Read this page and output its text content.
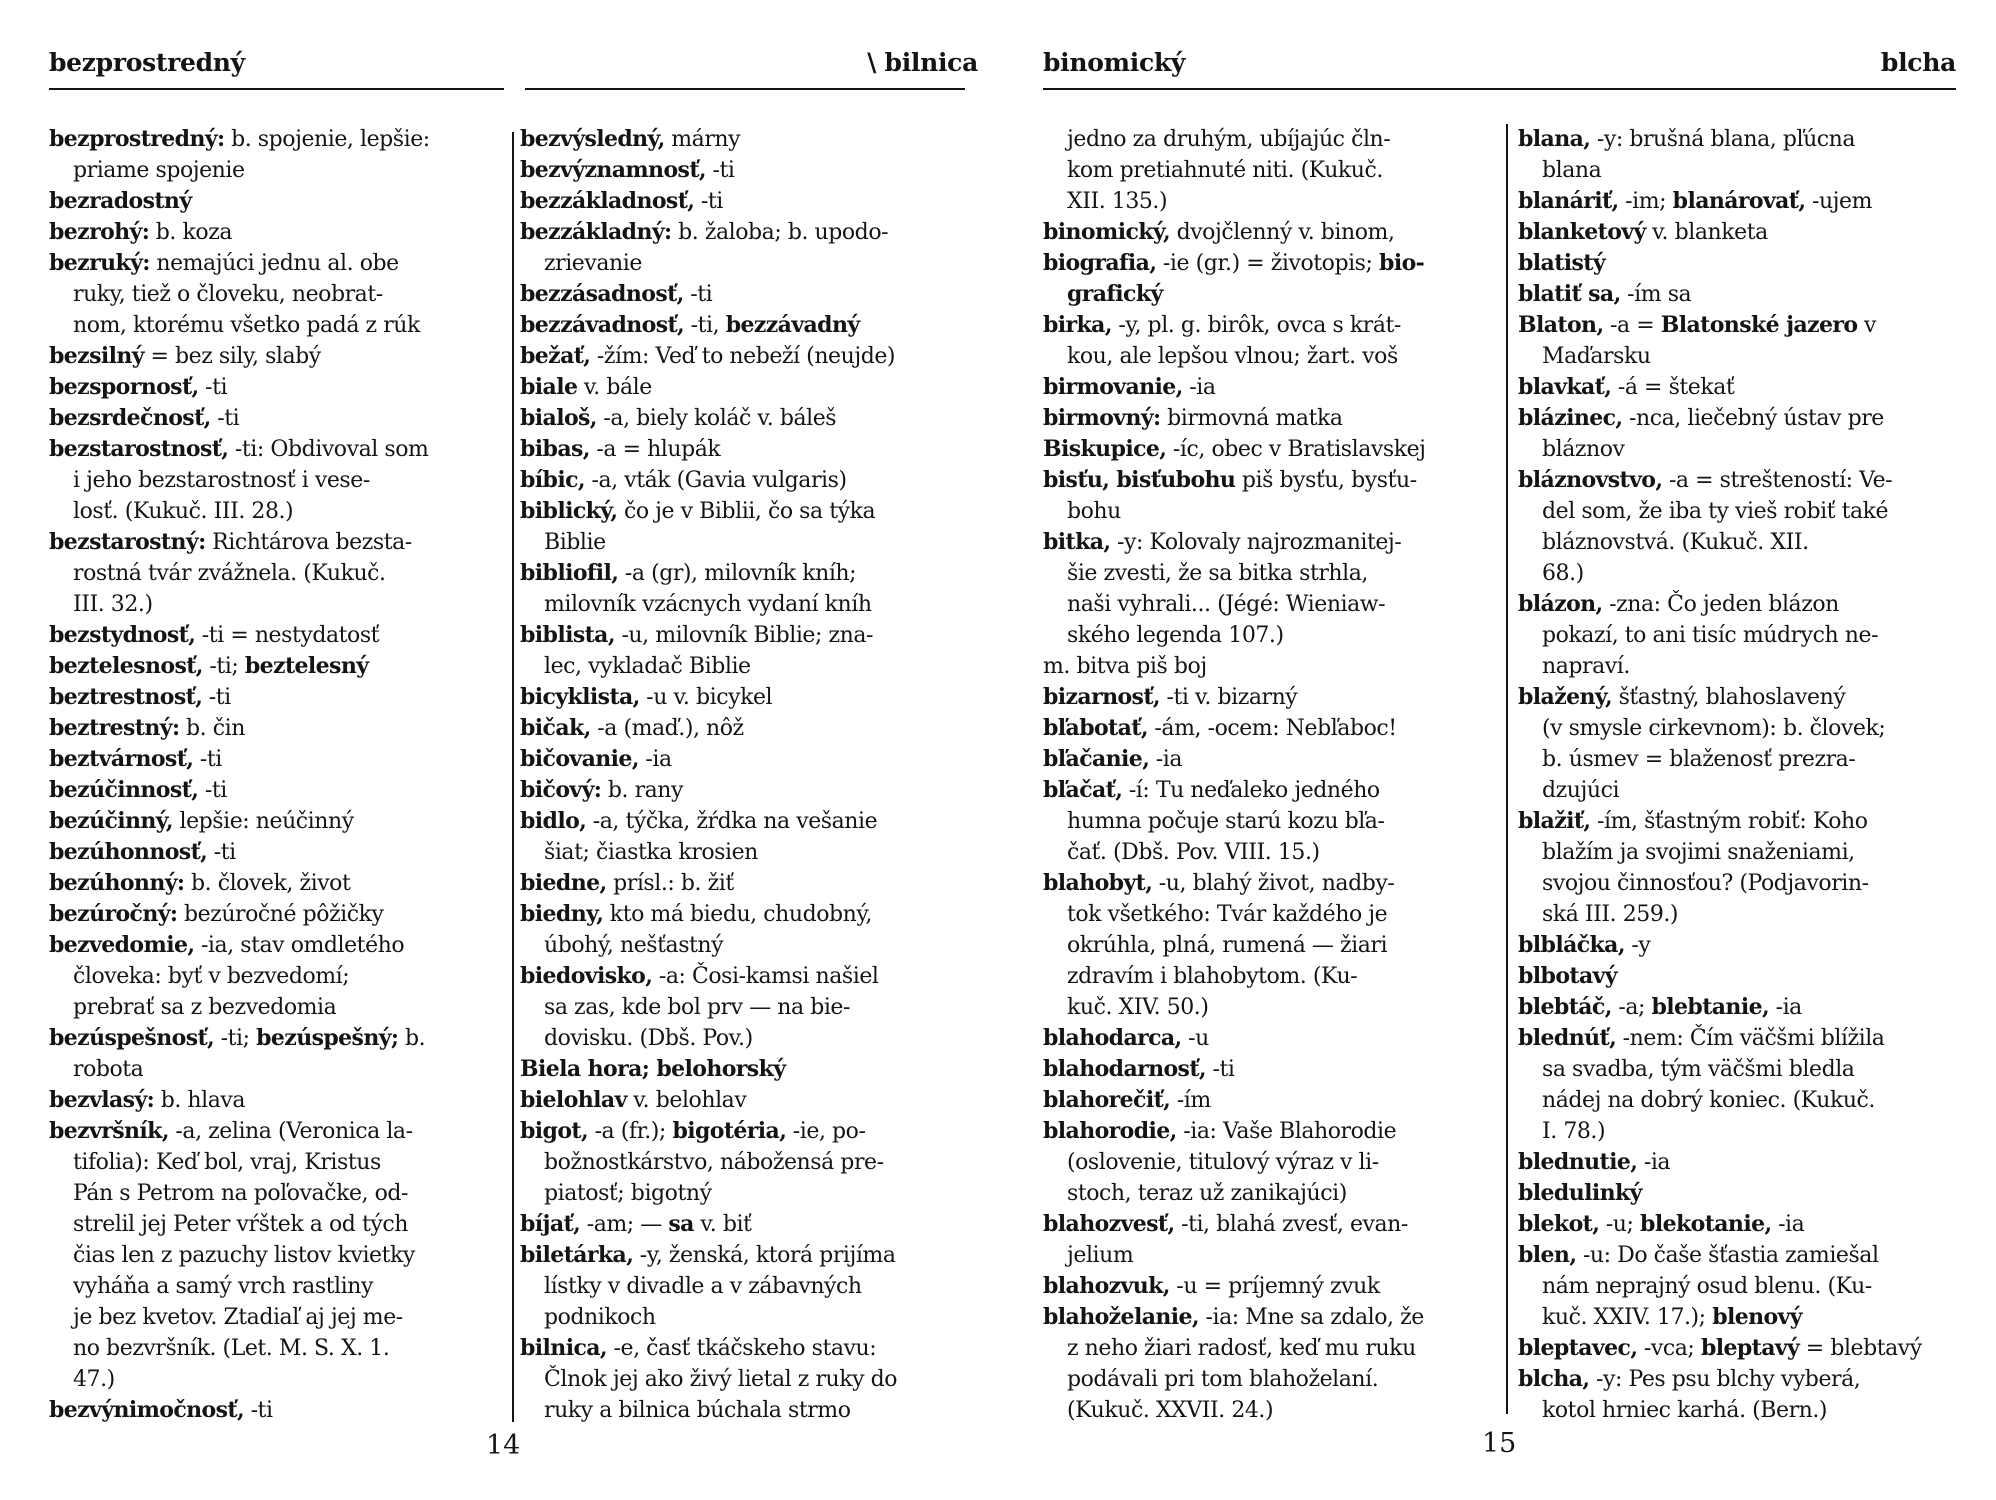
bezprostredný	\ bilnica
bezprostredný: b. spojenie, lepšie:
priame spojenie
bezradostný
bezrohý: b. koza
bezruký: nemajúci jednu al. obe
ruky, tiež o človeku, neobrat-
nom, ktorému všetko padá z rúk
bezsilný = bez sily, slabý
bezspornosť, -ti
bezsrdečnosť, -ti
bezstarostnosť, -ti: Obdivoval som
i jeho bezstarostnosť i vese-
losť. (Kukuč. III. 28.)
bezstarostný: Richtárova bezsta-
rostná tvár zvážnela. (Kukuč.
III. 32.)
bezstydnosť, -ti = nestydatosť
beztelesnosť, -ti; beztelesný
beztrestnosť, -ti
beztrestný: b. čin
beztvárnosť, -ti
bezúčinnosť, -ti
bezúčinný, lepšie: neúčinný
bezúhonnosť, -ti
bezúhonný: b. človek, život
bezúročný: bezúročné pôžičky
bezvedomie, -ia, stav omdletého
človeka: byť v bezvedomí;
prebrať sa z bezvedomia
bezúspešnosť, -ti; bezúspešný; b.
robota
bezvlasý: b. hlava
bezvršník, -a, zelina (Veronica la-
tifolia): Keď bol, vraj, Kristus
Pán s Petrom na poľovačke, od-
strelil jej Peter vŕštek a od tých
čias len z pazuchy listov kvietky
vyháňa a samý vrch rastliny
je bez kvetov. Ztadiaľ aj jej me-
no bezvršník. (Let. M. S. X. 1.
47.)
bezvýnimočnosť, -ti
bezvýsledný, márny
bezvýznamnosť, -ti
bezzákladnosť, -ti
bezzákladný: b. žaloba; b. upodo-
zrievanie
bezzásadnosť, -ti
bezzávadnosť, -ti, bezzávadný
bežať, -žím: Veď to nebeží (neujde)
biale v. bále
bialoš, -a, biely koláč v. báleš
bibas, -a = hlupák
bíbic, -a, vták (Gavia vulgaris)
biblický, čo je v Biblii, čo sa týka
Biblie
bibliofil, -a (gr), milovník kníh;
milovník vzácnych vydaní kníh
biblista, -u, milovník Biblie; zna-
lec, vykladač Biblie
bicyklista, -u v. bicykel
bičak, -a (maď.), nôž
bičovanie, -ia
bičový: b. rany
bidlo, -a, týčka, žŕdka na vešanie
šiat; čiastka krosien
biedne, prísl.: b. žiť
biedny, kto má biedu, chudobný,
úbohý, nešťastný
biedovisko, -a: Čosi-kamsi našiel
sa zas, kde bol prv — na bie-
dovisku. (Dbš. Pov.)
Biela hora; belohorský
bielohlav v. belohlav
bigot, -a (fr.); bigotéria, -ie, po-
božnostkárstvo, nábožensá pre-
piatosť; bigotný
bíjať, -am; — sa v. biť
biletárka, -y, ženská, ktorá prijíma
lístky v divadle a v zábavných
podnikoch
bilnica, -e, časť tkáčskeho stavu:
Člnok jej ako živý lietal z ruky do
ruky a bilnica búchala strmo
14
binomický	blcha
jedno za druhým, ubíjajúc čln-
kom pretiahnuté niti. (Kukuč.
XII. 135.)
binomický, dvojčlenný v. binom,
biografia, -ie (gr.) = životopis; bio-
grafický
birka, -y, pl. g. birôk, ovca s krát-
kou, ale lepšou vlnou; žart. voš
birmovanie, -ia
birmovný: birmovná matka
Biskupice, -íc, obec v Bratislavskej
bisťu, bisťubohu piš bysťu, bysťu-
bohu
bitka, -y: Kolovaly najrozmanitej-
šie zvesti, že sa bitka strhla,
naši vyhrali... (Jégé: Wieniaw-
ského legenda 107.)
m. bitva piš boj
bizarnosť, -ti v. bizarný
bľabotať, -ám, -ocem: Nebľaboc!
bľačanie, -ia
bľačať, -í: Tu neďaleko jedného
humna počuje starú kozu bľa-
čať. (Dbš. Pov. VIII. 15.)
blahobyt, -u, blahý život, nadby-
tok všetkého: Tvár každého je
okrúhla, plná, rumená — žiari
zdravím i blahobytom. (Ku-
kuč. XIV. 50.)
blahodarca, -u
blahodarnosť, -ti
blahorečiť, -ím
blahorodie, -ia: Vaše Blahorodie
(oslovenie, titulový výraz v li-
stoch, teraz už zanikajúci)
blahozvesť, -ti, blahá zvesť, evan-
jelium
blahozvuk, -u = príjemný zvuk
blahoželanie, -ia: Mne sa zdalo, že
z neho žiari radosť, keď mu ruku
podávali pri tom blahoželaní.
(Kukuč. XXVII. 24.)
blana, -y: brušná blana, pľúcna
blana
blanáriť, -im; blanárovať, -ujem
blanketový v. blanketa
blatistý
blatiť sa, -ím sa
Blaton, -a = Blatonské jazero v
Maďarsku
blavkať, -á = štekať
blázinec, -nca, liečebný ústav pre
bláznov
bláznovstvo, -a = strešteností: Ve-
del som, že iba ty vieš robiť také
bláznovstvá. (Kukuč. XII.
68.)
blázon, -zna: Čo jeden blázon
pokazí, to ani tisíc múdrych ne-
napraví.
blažený, šťastný, blahoslavený
(v smysle cirkevnom): b. človek;
b. úsmev = blaženosť prezra-
dzujúci
blažiť, -ím, šťastným robiť: Koho
blažím ja svojimi snaženiami,
svojou činnosťou? (Podjavorin-
ská III. 259.)
blbláčka, -y
blbotavý
blebtáč, -a; blebtanie, -ia
blednúť, -nem: Čím väčšmi blížila
sa svadba, tým väčšmi bledla
nádej na dobrý koniec. (Kukuč.
I. 78.)
blednutie, -ia
bledulinký
blekot, -u; blekotanie, -ia
blen, -u: Do čaše šťastia zamiešal
nám neprajný osud blenu. (Ku-
kuč. XXIV. 17.); blenový
bleptavec, -vca; bleptavý = blebtavý
blcha, -y: Pes psu blchy vyberá,
kotol hrniec karhá. (Bern.)
15
